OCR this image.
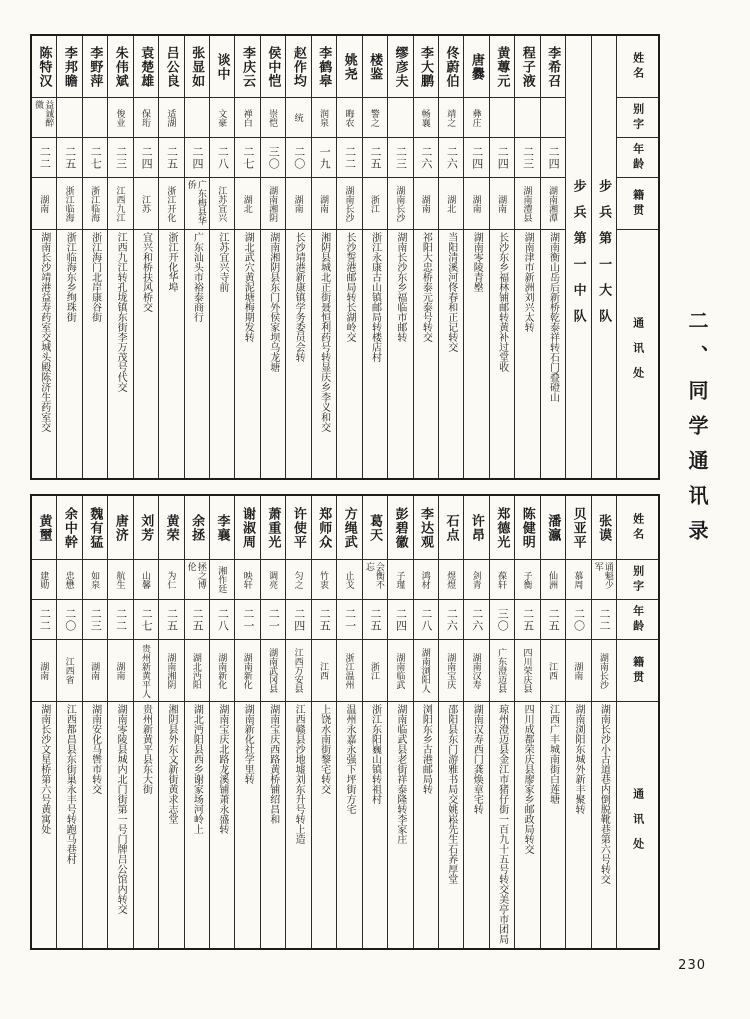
姓名
别字
年龄
籍贯
通讯处
步兵第一大队
步兵第一中队
李希召
二四
湖南湘潭
湖南衡山岳后新桥乾泰祥转石门叠磴山
程子液
二三
湖南澧县
湖南津市新洲刘兴太转
黄蓴元
二四
湖南
长沙东乡福林铺邮转黄补过堂收
唐爨
彝庄
二四
湖南
湖南零陵青壂
佟蔚伯
靖之
二六
湖北
当阳清溪河佟春和正记转交
李大鹏
畅襄
二六
湖南
祁阳大忠桥泰元泰号转交
缪彦夫
二三
湖南长沙
湖南长沙东乡福临市邮转
楼鉴
警之
二五
浙江
浙江永康古山镇邮局转楼店村
姚尧
晦农
二二
湖南长沙
长沙誓港邮局转长湖岭交
李鹤皋
润泉
一九
湖南
湘阴县城北正街聂恒利药号转显庆乡李义和交
赵作均
统
二〇
湖南
长沙靖港新康镇学务委员会转
侯中恺
崇恺
三〇
湖南湘阴
湖南湘阴县东门外侯家坝乌龙塘
李庆云
禅白
二七
湖北
湖北武穴黄泥塘梅期发转
谈中
文豪
二八
江苏宜兴
江苏宜兴寺前
张显如
二四
广东梅县华侨
广东汕头市裕泰商行
吕公良
适湖
二五
浙江开化
浙江开化华埠
袁楚雄
保珩
二四
江苏
宜兴和桥扶风桥交
朱伟斌
俊业
二三
江西九江
江西九江转孔垅镇东街李万茂号代交
李野萍
二七
浙江临海
浙江海门北岸康谷街
李邦瞻
二五
浙江临海
浙江临海东乡绚珠街
陈特汉
益诚醉微
二二
湖南
湖南长沙靖港益寿药室交城头殿陈济生药室交
姓名
别字
年龄
籍贯
通讯处
张谟
诵魁少军
二二
湖南长沙
湖南长沙小古道巷内倒脱靴巷第六号转交
贝亚平
慕周
二〇
湖南
湖南浏阳东城外新丰聚转
潘瀛
仙洲
二五
江西
江西广丰城南街白莲塘
陈健明
子衡
二五
四川荣庆县
四川成都荣庆县廖家乡邮政局转交
郑德光
葆轩
三〇
广东澄迈县
琼州澄迈县金江市猪仔街一百九十五号转交美亭市团局
许昂
剑青
二六
湖南汉寿
湖南汉寿西门龚焕章宅转
石点
煜煜
二六
湖南宝庆
邵阳县东门游雅书局交姚崧先生石养厚堂
李达观
鸿材
二八
湖南浏阳人
浏阳东乡古港邮局转
彭碧徽
子瑾
二四
湖南临武
湖南临武县老街祥泰隆转李家庄
葛天
会衡不忘
二五
浙江
浙江东阳巍山镇转祖村
方绳武
止戈
二一
浙江温州
温州永嘉永强下坪街方宅
郑师众
竹衷
二五
江西
上饶水南街黎宅转交
许使平
匀之
二四
江西万安县
江西赣县沙地墟刘东升号转上造
萧重光
调亮
二一
湖南武冈县
湖南宝庆西路黄桥铺绍昌和
谢淑周
映轩
二一
湖南新化
湖南新化社学里转
李襄
湘作廷
二八
湖南新化
湖南宝庆北路龙溪铺萧永盛转
余拯
拯之博伦
二五
湖北沔阳
湖北沔阳县西乡谢家场河岭上
黄荣
为仁
二五
湖南湘阴
湘阴县外东文新街黄求志堂
刘芳
山馨
二七
贵州新黄平人
贵州新黄平县东大街
唐济
航生
二二
湖南
湖南零陵县城内北门街第一号门牌吕公馆内转交
魏有猛
如泉
二三
湖南
湖南安化马辔市转交
余中幹
忠懋
二〇
江西省
江西都昌县东街巢永丰号转跑马巷村
黄壐
建勋
二二
湖南
湖南长沙文星桥第六号黄寓处
二、同学通讯录
230
